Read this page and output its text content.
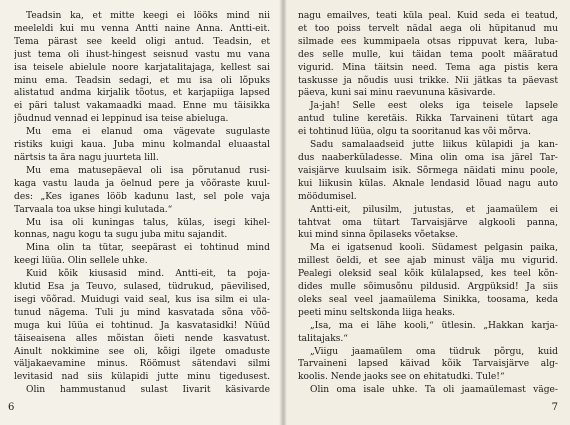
Teadsin ka, et mitte keegi ei lööks mind nii
meeleldi kui mu venna Antti naine Anna. Antti-eit.
Tema pärast see keeld oligi antud. Teadsin, et
just tema oli ihust-hingest seisnud vastu mu vana
isa teisele abielule noore karjatalitajaga, kellest sai
minu ema. Teadsin sedagi, et mu isa oli lõpuks
alistatud andma kirjalik tõotus, et karjapiiga lapsed
ei päri talust vakamaadki maad. Enne mu täisikka
jõudnud vennad ei leppinud isa teise abieluga.
Mu ema ei elanud oma vägevate sugulaste
ristiks kuigi kaua. Juba minu kolmandal eluaastal
närtsis ta ära nagu juurteta lill.
Mu ema matusepäeval oli isa põrutanud rusi-
kaga vastu lauda ja öelnud pere ja võõraste kuul-
des: „Kes iganes lööb kadunu last, sel pole vaja
Tarvaala toa ukse hingi kulutada.“
Mu isa oli kuningas talus, külas, isegi kihel-
konnas, nagu kogu ta sugu juba mitu sajandit.
Mina olin ta tütar, seepärast ei tohtinud mind
keegi lüüa. Olin sellele uhke.
Kuid kõik kiusasid mind. Antti-eit, ta poja-
klutid Esa ja Teuvo, sulased, tüdrukud, päevilised,
isegi võõrad. Muidugi vaid seal, kus isa silm ei ula-
tunud nägema. Tuli ju mind kasvatada sõna võõ-
muga kui lüüa ei tohtinud. Ja kasvatasidki! Nüüd
täiseaisena alles mõistan õieti nende kasvatust.
Ainult nokkimine see oli, kõigi ilgete omaduste
väljakaevamine minus. Röömust sätendavi silmi
levitasid nad siis külapidi jutte minu tigedusest.
Olin hammustanud sulast Iivarit käsivarde
6
nagu emailves, teati küla peal. Kuid seda ei teatud,
et too poiss tervelt nädal aega oli hüpitanud mu
silmade ees kummipaela otsas rippuvat kera, luba-
des selle mulle, kui täidan tema poolt määratud
vigurid. Mina täitsin need. Tema aga pistis kera
taskusse ja nõudis uusi trikke. Nii jätkas ta päevast
päeva, kuni sai minu raevununa käsivarde.
Ja-jah! Selle eest oleks iga teisele lapsele
antud tuline keretäis. Rikka Tarvaineni tütart aga
ei tohtinud lüüa, olgu ta sooritanud kas või mõrva.
Sadu samalaadseid jutte liikus külapidi ja kan-
dus naaberküladesse. Mina olin oma isa järel Tar-
vaisjärve kuulsaim isik. Sõrmega näidati minu poole,
kui liikusin külas. Aknale lendasid lõuad nagu auto
möödumisel.
Antti-eit, pilusilm, jutustas, et jaamaülem ei
tahtvat oma tütart Tarvaisjärve algkooli panna,
kui mind sinna õpilaseks võetakse.
Ma ei igatsenud kooli. Südamest pelgasin paika,
millest öeldi, et see ajab minust välja mu vigurid.
Pealegi oleksid seal kõik külalapsed, kes teel kõn-
dides mulle sõimusõnu pildusid. Argpüksid! Ja siis
oleks seal veel jaamaülema Sinikka, toosama, keda
peeti minu seltskonda liiga heaks.
„Isa, ma ei lähe kooli,“ ütlesin. „Hakkan karja-
talitajaks.“
„Viigu jaamaülem oma tüdruk põrgu, kuid
Tarvaineni lapsed käivad kõik Tarvaisjärve alg-
koolis. Nende jaoks see on ehitatudki. Tule!“
Olin oma isale uhke. Ta oli jaamaülemast väge-
7
